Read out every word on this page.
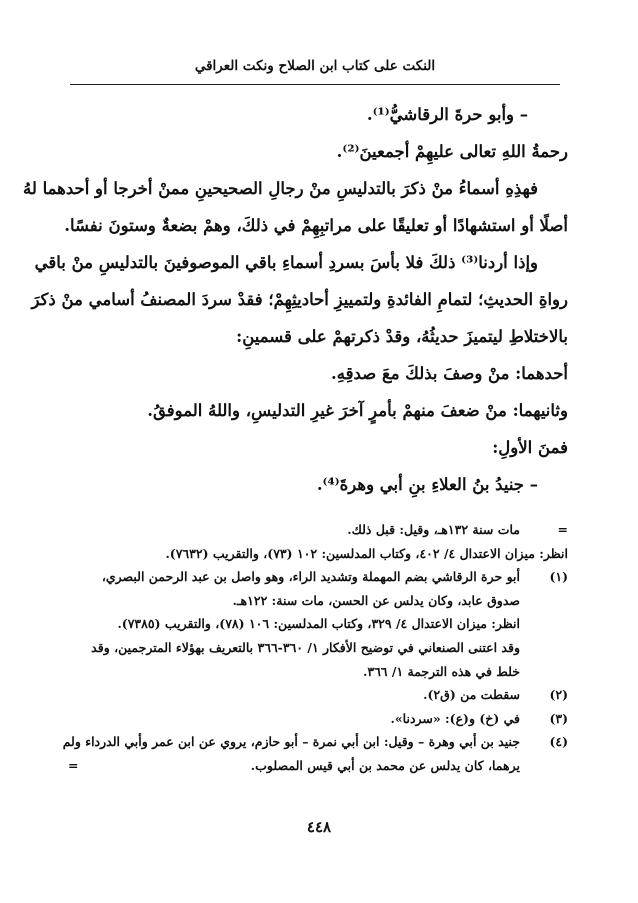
النكت على كتاب ابن الصلاح ونكت العراقي
– وأبو حرةَ الرقاشيُّ⁽¹⁾.
رحمةُ اللهِ تعالى عليهِمْ أجمعينَ⁽²⁾.
فهذِهِ أسماءُ منْ ذكرَ بالتدليسِ منْ رجالِ الصحيحينِ ممنْ أخرجا أو أحدهما لهُ
أصلًا أو استشهادًا أو تعليقًا على مراتبِهِمْ في ذلكَ، وهمْ بضعةٌ وستونَ نفسًا.
وإذا أردنا⁽³⁾ ذلكَ فلا بأسَ بسردِ أسماءِ باقي الموصوفينَ بالتدليسِ منْ باقي
رواةِ الحديثِ؛ لتمامِ الفائدةِ ولتمييزِ أحاديثِهِمْ؛ فقدْ سردَ المصنفُ أسامي منْ ذكرَ
بالاختلاطِ ليتميزَ حديثُهُ، وقدْ ذكرتهمْ على قسمينِ:
أحدهما: منْ وصفَ بذلكَ معَ صدقِهِ.
وثانيهما: منْ ضعفَ منهمْ بأمرٍ آخرَ غيرِ التدليسِ، واللهُ الموفقُ.
فمنَ الأولِ:
– جنيدُ بنُ العلاءِ بنِ أبي وهرةَ⁽⁴⁾.
=
مات سنة ١٣٢هـ، وقيل: قبل ذلك.
انظر: ميزان الاعتدال ٤/ ٤٠٢، وكتاب المدلسين: ١٠٢ (٧٣)، والتقريب (٧٦٣٢).
(١)
أبو حرة الرقاشي بضم المهملة وتشديد الراء، وهو واصل بن عبد الرحمن البصري،
صدوق عابد، وكان يدلس عن الحسن، مات سنة: ١٢٢هـ.
انظر: ميزان الاعتدال ٤/ ٣٢٩، وكتاب المدلسين: ١٠٦ (٧٨)، والتقريب (٧٣٨٥).
وقد اعتنى الصنعاني في توضيح الأفكار ١/ ٣٦٠-٣٦٦ بالتعريف بهؤلاء المترجمين، وقد
خلط في هذه الترجمة ١/ ٣٦٦.
(٢)
سقطت من (ق٢).
(٣)
في (خ) و(ع): «سردنا».
(٤)
جنيد بن أبي وهرة – وقيل: ابن أبي نمرة – أبو حازم، يروي عن ابن عمر وأبي الدرداء ولم
يرهما، كان يدلس عن محمد بن أبي قيس المصلوب.
=
٤٤٨
